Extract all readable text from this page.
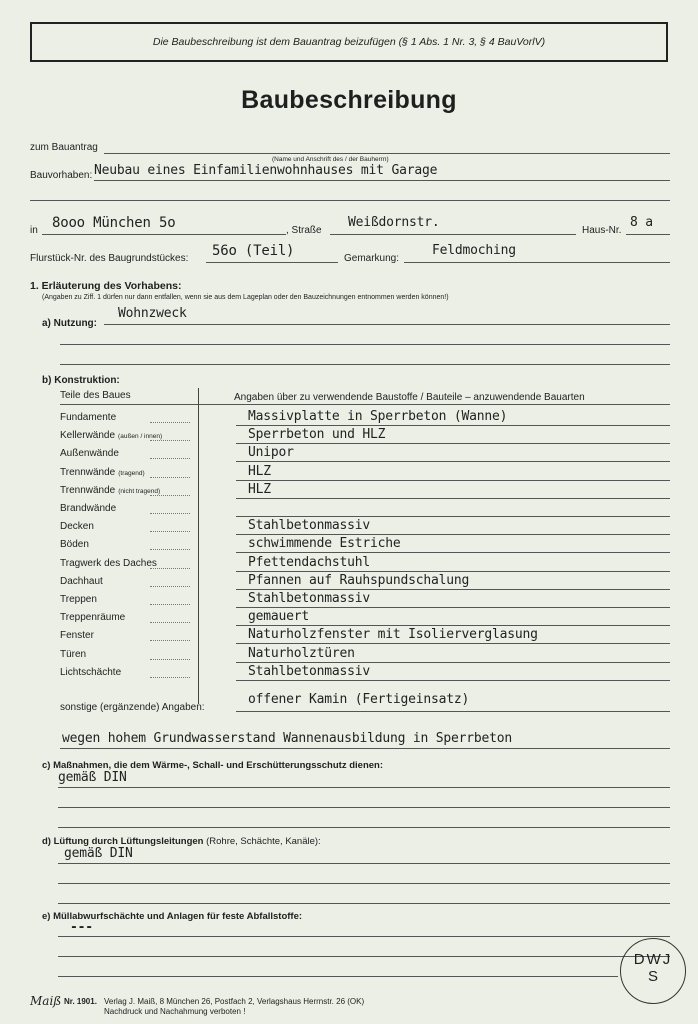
Die Baubeschreibung ist dem Bauantrag beizufügen (§ 1 Abs. 1 Nr. 3, § 4 BauVorlV)
Baubeschreibung
zum Bauantrag
(Name und Anschrift des / der Bauherrn)
Bauvorhaben: Neubau eines Einfamilienwohnhauses mit Garage
in 8ooo München 5o	, Straße
Weißdornstr.
Haus-Nr.
8 a
Flurstück-Nr. des Baugrundstückes: 56o (Teil)	Gemarkung:
Feldmoching
1. Erläuterung des Vorhabens:
(Angaben zu Ziff. 1 dürfen nur dann entfallen, wenn sie aus dem Lageplan oder den Bauzeichnungen entnommen werden können!)
a) Nutzung:
Wohnzweck
b) Konstruktion:
Teile des Baues	Angaben über zu verwendende Baustoffe / Bauteile – anzuwendende Bauarten
Fundamente	Massivplatte in Sperrbeton (Wanne)
Kellerwände (außen / innen)	Sperrbeton und HLZ
Außenwände	Unipor
Trennwände (tragend)	HLZ
Trennwände (nicht tragend)	HLZ
Brandwände
Decken	Stahlbetonmassiv
Böden	schwimmende Estriche
Tragwerk des Daches	Pfettendachstuhl
Dachhaut	Pfannen auf Rauhspundschalung
Treppen	Stahlbetonmassiv
Treppenräume	gemauert
Fenster	Naturholzfenster mit Isolierverglasung
Türen	Naturholztüren
Lichtschächte	Stahlbetonmassiv
sonstige (ergänzende) Angaben:
offener Kamin (Fertigeinsatz)
wegen hohem Grundwasserstand Wannenausbildung in Sperrbeton
c) Maßnahmen, die dem Wärme-, Schall- und Erschütterungsschutz dienen:
gemäß DIN
d) Lüftung durch Lüftungsleitungen (Rohre, Schächte, Kanäle):
gemäß DIN
e) Müllabwurfschächte und Anlagen für feste Abfallstoffe:
---
Maiß Nr. 1901. Verlag J. Maiß, 8 München 26, Postfach 2, Verlagshaus Herrnstr. 26 (OK)
Nachdruck und Nachahmung verboten !
DWJ
S
